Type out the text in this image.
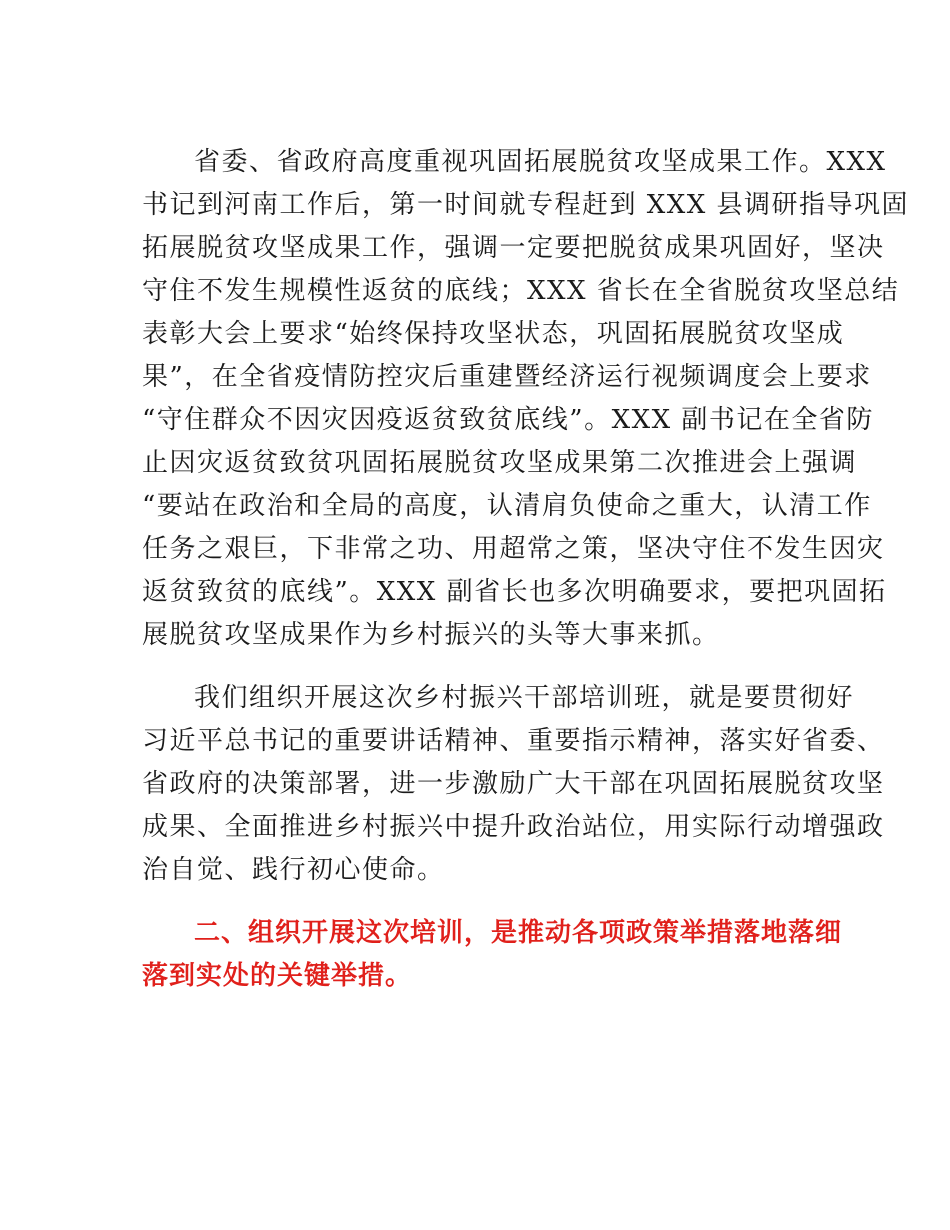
省委、省政府高度重视巩固拓展脱贫攻坚成果工作。XXX

书记到河南工作后，第一时间就专程赶到 XXX 县调研指导巩固

拓展脱贫攻坚成果工作，强调一定要把脱贫成果巩固好，坚决

守住不发生规模性返贫的底线；XXX 省长在全省脱贫攻坚总结

表彰大会上要求“始终保持攻坚状态，巩固拓展脱贫攻坚成

果”，在全省疫情防控灾后重建暨经济运行视频调度会上要求

“守住群众不因灾因疫返贫致贫底线”。XXX 副书记在全省防

止因灾返贫致贫巩固拓展脱贫攻坚成果第二次推进会上强调

“要站在政治和全局的高度，认清肩负使命之重大，认清工作

任务之艰巨，下非常之功、用超常之策，坚决守住不发生因灾

返贫致贫的底线”。XXX 副省长也多次明确要求，要把巩固拓

展脱贫攻坚成果作为乡村振兴的头等大事来抓。

我们组织开展这次乡村振兴干部培训班，就是要贯彻好

习近平总书记的重要讲话精神、重要指示精神，落实好省委、

省政府的决策部署，进一步激励广大干部在巩固拓展脱贫攻坚

成果、全面推进乡村振兴中提升政治站位，用实际行动增强政

治自觉、践行初心使命。

二、组织开展这次培训，是推动各项政策举措落地落细

落到实处的关键举措。
